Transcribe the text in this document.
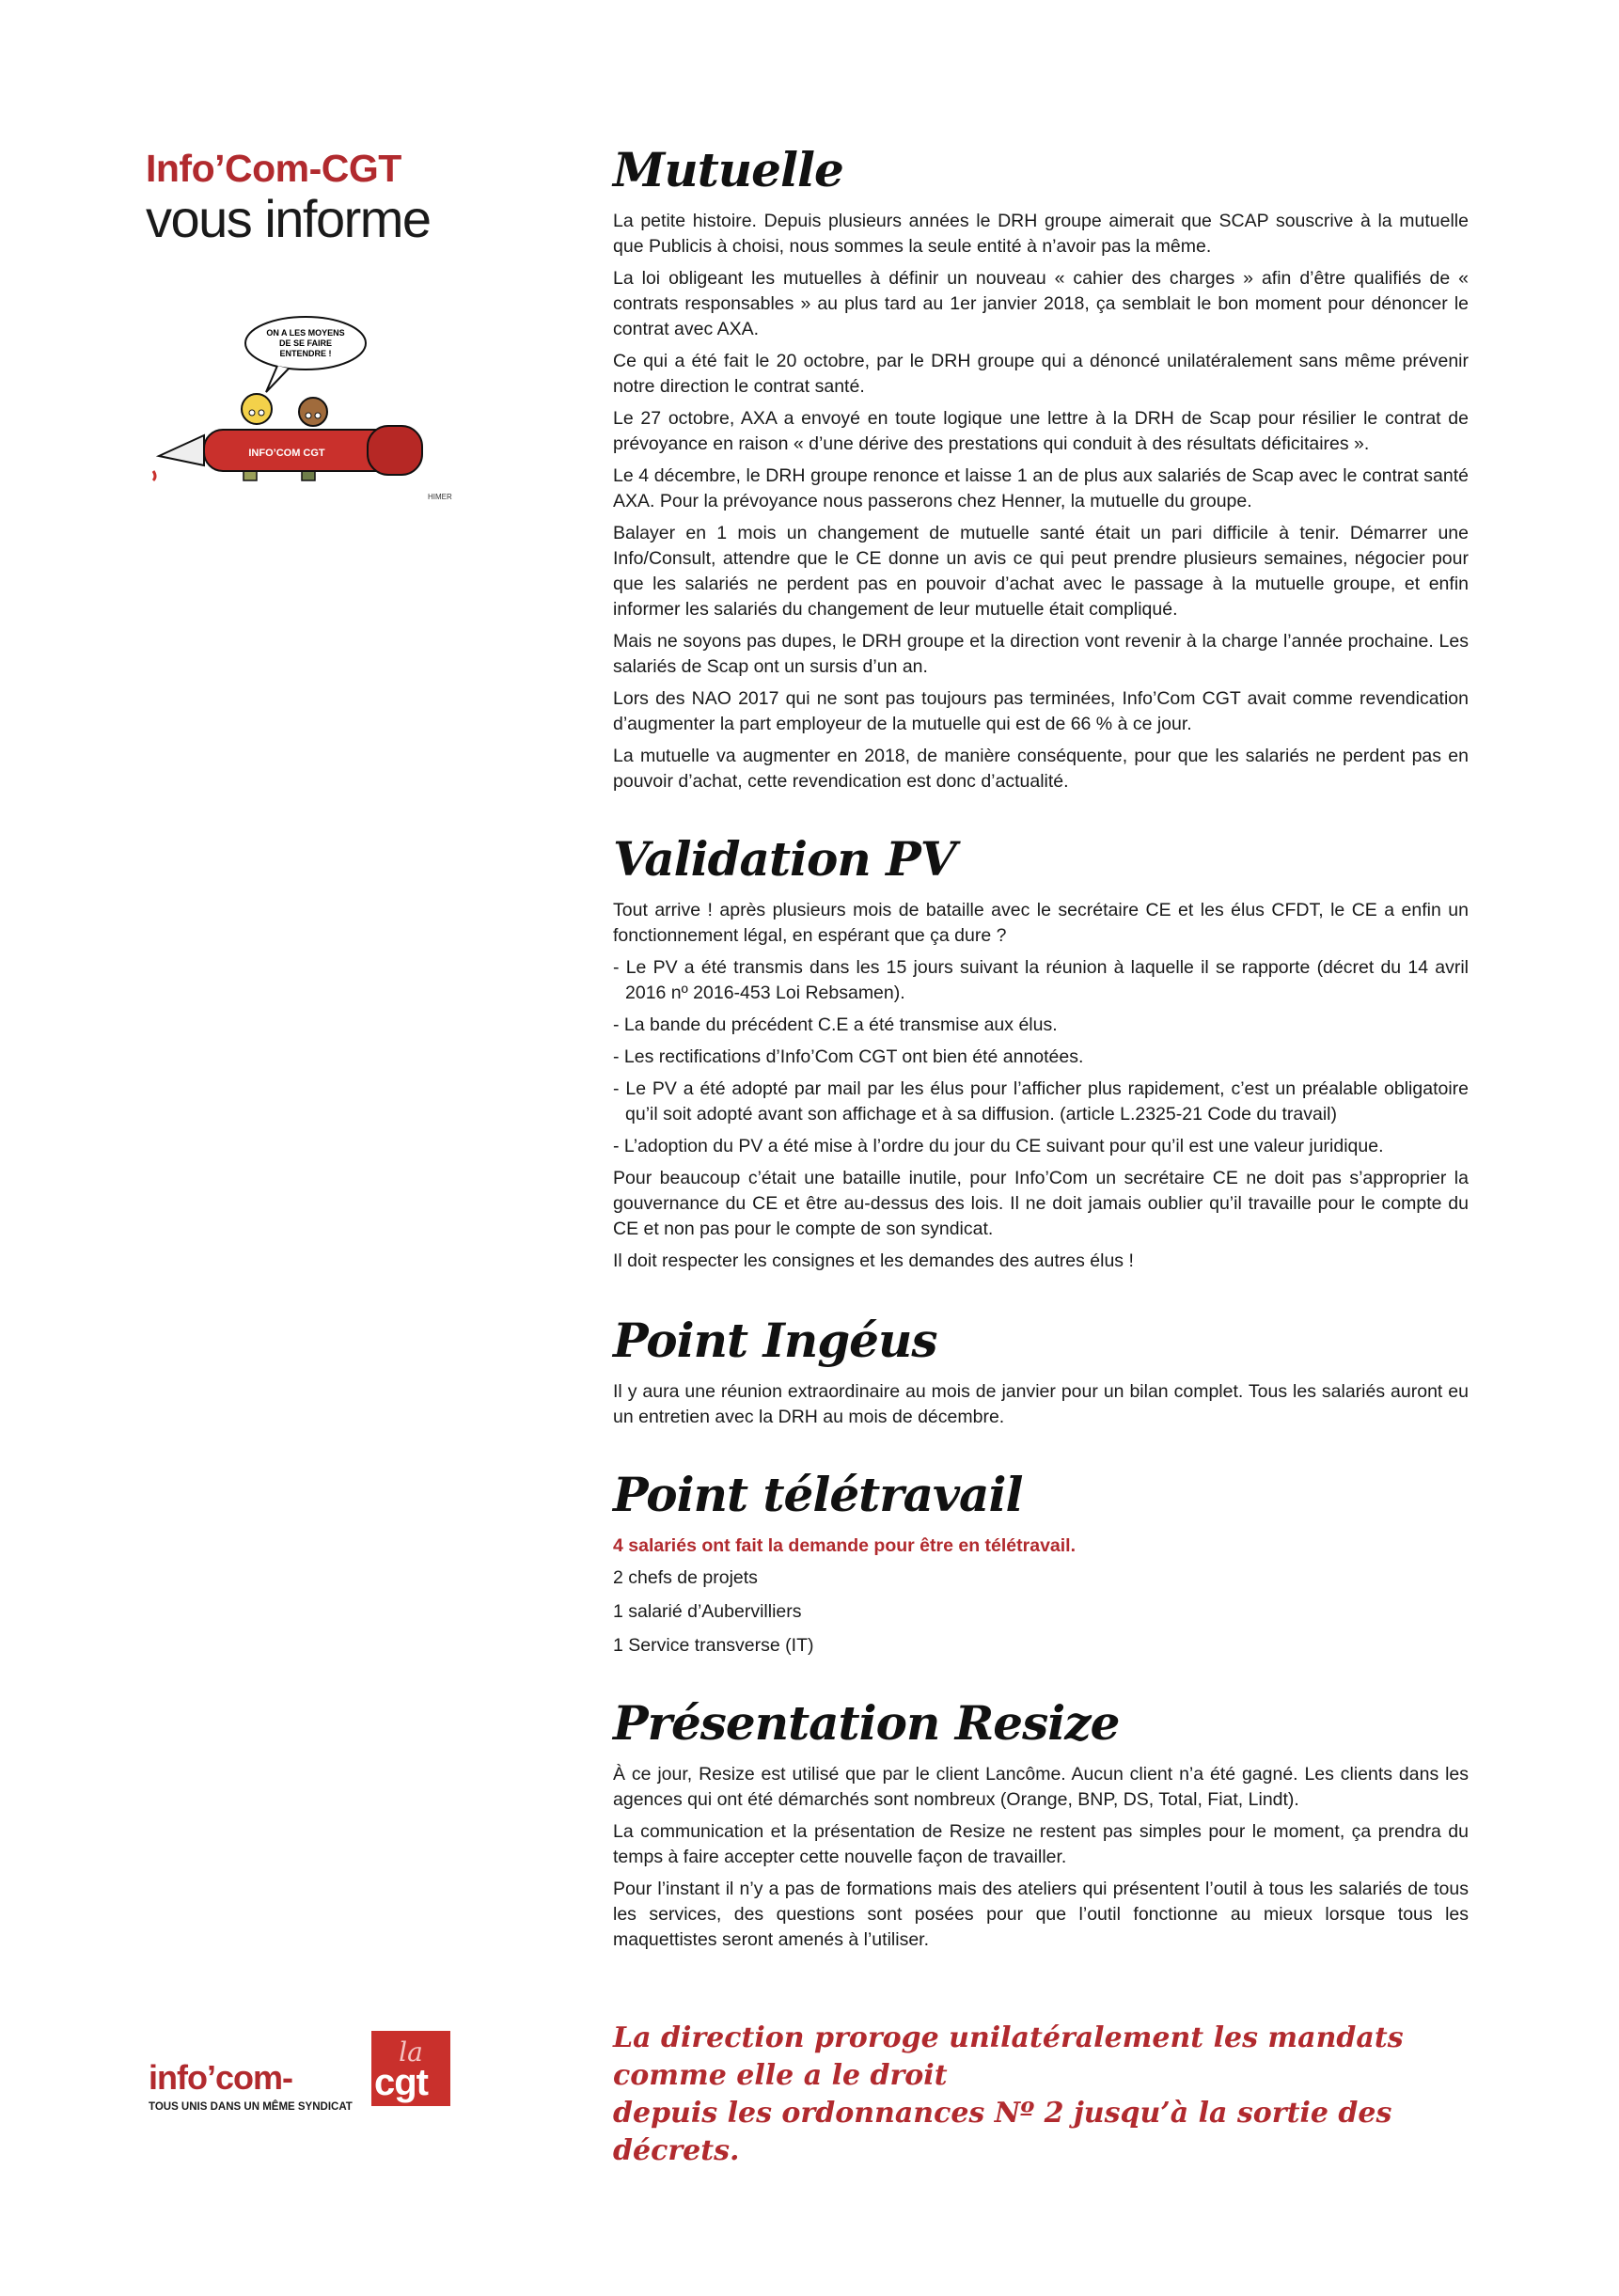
Info’Com-CGT

vous informe

ON A LES MOYENS
DE SE FAIRE
ENTENDRE !
INFO’COM CGT
HIMER
Mutuelle

La petite histoire. Depuis plusieurs années le DRH groupe aimerait que SCAP souscrive à la mutuelle que Publicis à choisi, nous sommes la seule entité à n’avoir pas la même.

La loi obligeant les mutuelles à définir un nouveau « cahier des charges » afin d’être qualifiés de « contrats responsables » au plus tard au 1er janvier 2018, ça semblait le bon moment pour dénoncer le contrat avec AXA.

Ce qui a été fait le 20 octobre, par le DRH groupe qui a dénoncé unilatéralement sans même prévenir notre direction le contrat santé.

Le 27 octobre, AXA a envoyé en toute logique une lettre à la DRH de Scap pour résilier le contrat de prévoyance en raison « d’une dérive des prestations qui conduit à des résultats déficitaires ».

Le 4 décembre, le DRH groupe renonce et laisse 1 an de plus aux salariés de Scap avec le contrat santé AXA. Pour la prévoyance nous passerons chez Henner, la mutuelle du groupe.

Balayer en 1 mois un changement de mutuelle santé était un pari difficile à tenir. Démarrer une Info/Consult, attendre que le CE donne un avis ce qui peut prendre plusieurs semaines, négocier pour que les salariés ne perdent pas en pouvoir d’achat avec le passage à la mutuelle groupe, et enfin informer les salariés du changement de leur mutuelle était compliqué.

Mais ne soyons pas dupes, le DRH groupe et la direction vont revenir à la charge l’année prochaine. Les salariés de Scap ont un sursis d’un an.

Lors des NAO 2017 qui ne sont pas toujours pas terminées, Info’Com CGT avait comme revendication d’augmenter la part employeur de la mutuelle qui est de 66 % à ce jour.

La mutuelle va augmenter en 2018, de manière conséquente, pour que les salariés ne perdent pas en pouvoir d’achat, cette revendication est donc d’actualité.

Validation PV

Tout arrive ! après plusieurs mois de bataille avec le secrétaire CE et les élus CFDT, le CE a enfin un fonctionnement légal, en espérant que ça dure ?

- Le PV a été transmis dans les 15 jours suivant la réunion à laquelle il se rapporte (décret du 14 avril 2016 nº 2016-453 Loi Rebsamen).

- La bande du précédent C.E a été transmise aux élus.

- Les rectifications d’Info’Com CGT ont bien été annotées.

- Le PV a été adopté par mail par les élus pour l’afficher plus rapidement, c’est un préalable obligatoire qu’il soit adopté avant son affichage et à sa diffusion. (article L.2325-21 Code du travail)

- L’adoption du PV a été mise à l’ordre du jour du CE suivant pour qu’il est une valeur juridique.

Pour beaucoup c’était une bataille inutile, pour Info’Com un secrétaire CE ne doit pas s’approprier la gouvernance du CE et être au-dessus des lois. Il ne doit jamais oublier qu’il travaille pour le compte du CE et non pas pour le compte de son syndicat.

Il doit respecter les consignes et les demandes des autres élus !

Point Ingéus

Il y aura une réunion extraordinaire au mois de janvier pour un bilan complet. Tous les salariés auront eu un entretien avec la DRH au mois de décembre.

Point télétravail

4 salariés ont fait la demande pour être en télétravail.

2 chefs de projets

1 salarié d’Aubervilliers

1 Service transverse (IT)

Présentation Resize

À ce jour, Resize est utilisé que par le client Lancôme. Aucun client n’a été gagné. Les clients dans les agences qui ont été démarchés sont nombreux (Orange, BNP, DS, Total, Fiat, Lindt).

La communication et la présentation de Resize ne restent pas simples pour le moment, ça prendra du temps à faire accepter cette nouvelle façon de travailler.

Pour l’instant il n’y a pas de formations mais des ateliers qui présentent l’outil à tous les salariés de tous les services, des questions sont posées pour que l’outil fonctionne au mieux lorsque tous les maquettistes seront amenés à l’utiliser.

La direction proroge unilatéralement les mandats

comme elle a le droit

depuis les ordonnances Nº 2 jusqu’à la sortie des décrets.

la
info’com- cgt
TOUS UNIS DANS UN MÊME SYNDICAT
